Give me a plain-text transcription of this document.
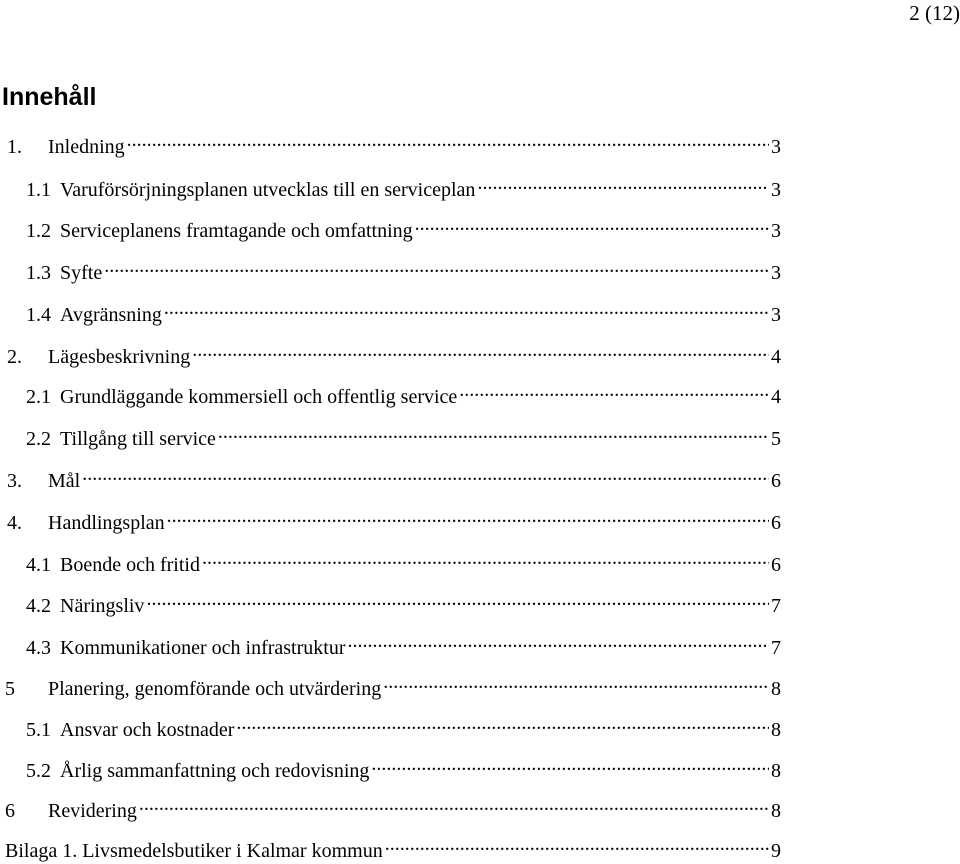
2 (12)
Innehåll
1.	Inledning .....	3
1.1 Varuförsörjningsplanen utvecklas till en serviceplan .....	3
1.2 Serviceplanens framtagande och omfattning .....	3
1.3 Syfte .....	3
1.4 Avgränsning .....	3
2.	Lägesbeskrivning .....	4
2.1 Grundläggande kommersiell och offentlig service .....	4
2.2 Tillgång till service .....	5
3.	Mål .....	6
4.	Handlingsplan .....	6
4.1 Boende och fritid .....	6
4.2 Näringsliv .....	7
4.3 Kommunikationer och infrastruktur .....	7
5	Planering, genomförande och utvärdering .....	8
5.1 Ansvar och kostnader .....	8
5.2 Årlig sammanfattning och redovisning .....	8
6	Revidering .....	8
Bilaga 1. Livsmedelsbutiker i Kalmar kommun .....	9
